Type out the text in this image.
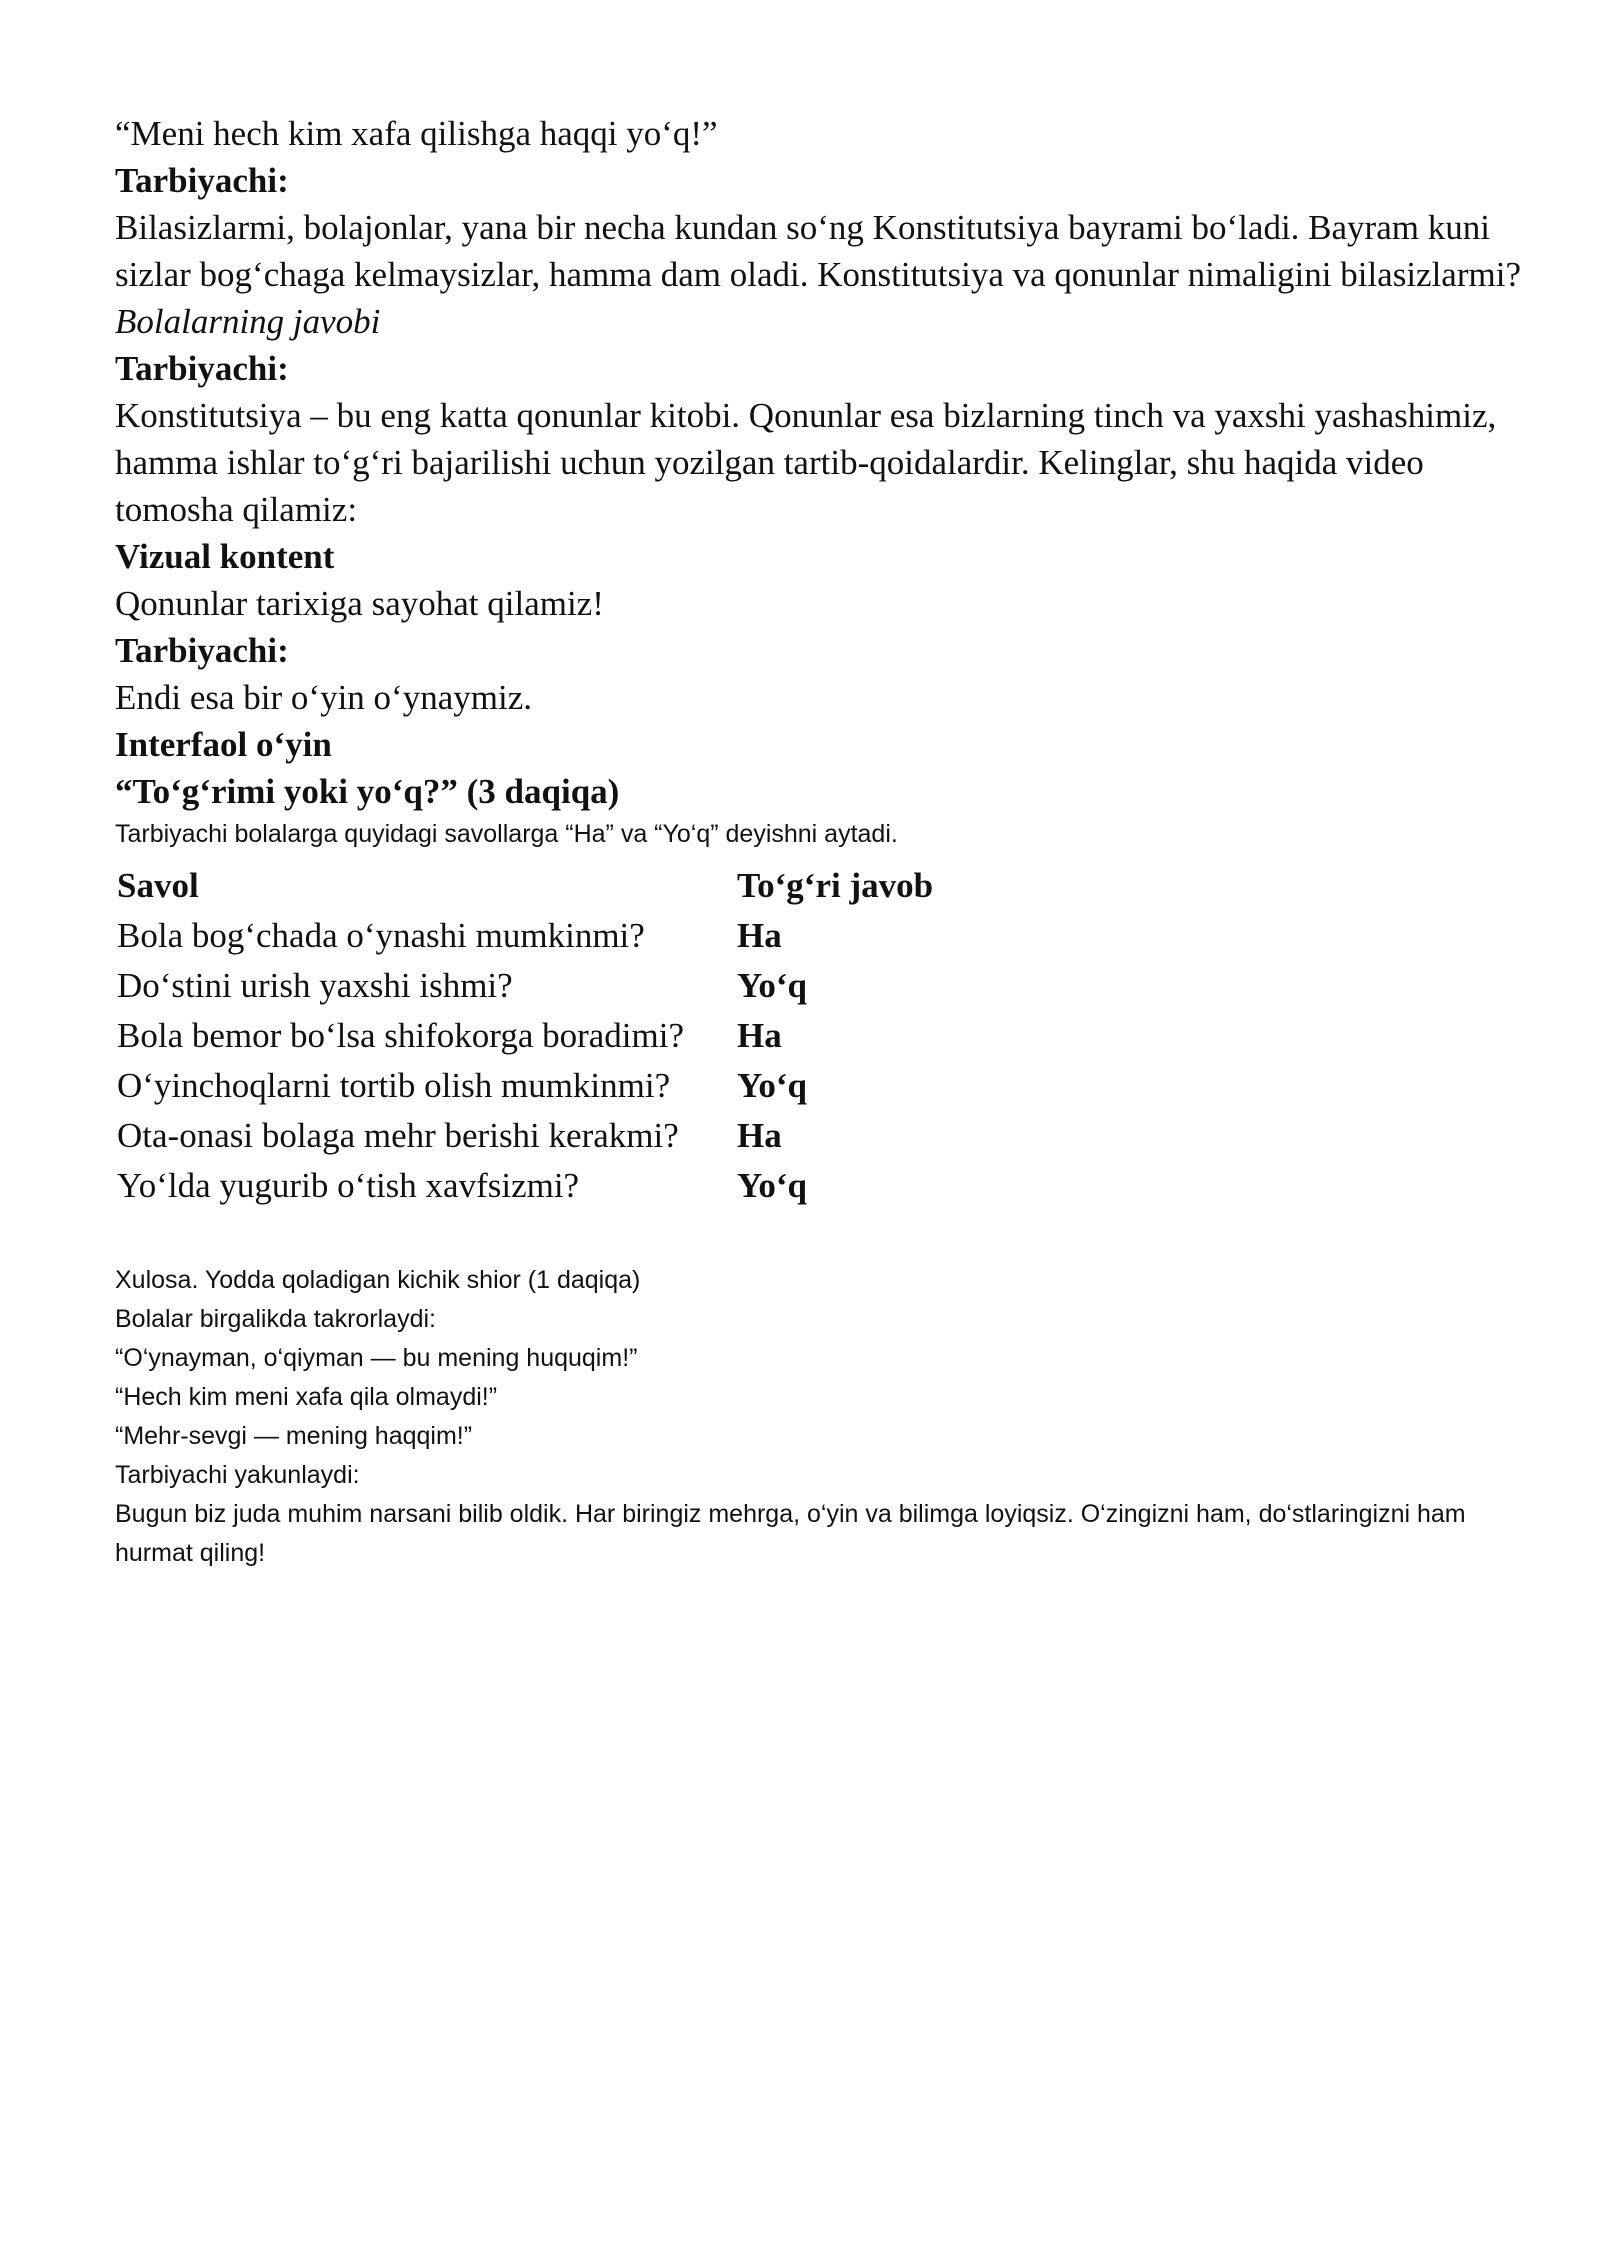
“Meni hech kim xafa qilishga haqqi yo‘q!”

Tarbiyachi:

Bilasizlarmi, bolajonlar, yana bir necha kundan so‘ng Konstitutsiya bayrami bo‘ladi. Bayram kuni sizlar bog‘chaga kelmaysizlar, hamma dam oladi. Konstitutsiya va qonunlar nimaligini bilasizlarmi?

Bolalarning javobi

Tarbiyachi:

Konstitutsiya – bu eng katta qonunlar kitobi. Qonunlar esa bizlarning tinch va yaxshi yashashimiz, hamma ishlar to‘g‘ri bajarilishi uchun yozilgan tartib-qoidalardir. Kelinglar, shu haqida video tomosha qilamiz:

Vizual kontent

Qonunlar tarixiga sayohat qilamiz!

Tarbiyachi:

Endi esa bir o‘yin o‘ynaymiz.

Interfaol o‘yin

“To‘g‘rimi yoki yo‘q?” (3 daqiqa)

Tarbiyachi bolalarga quyidagi savollarga “Ha” va “Yo‘q” deyishni aytadi.

Savol	To‘g‘ri javob
Bola bog‘chada o‘ynashi mumkinmi?	Ha
Do‘stini urish yaxshi ishmi?	Yo‘q
Bola bemor bo‘lsa shifokorga boradimi?	Ha
O‘yinchoqlarni tortib olish mumkinmi?	Yo‘q
Ota-onasi bolaga mehr berishi kerakmi?	Ha
Yo‘lda yugurib o‘tish xavfsizmi?	Yo‘q

Xulosa. Yodda qoladigan kichik shior (1 daqiqa)

Bolalar birgalikda takrorlaydi:

“O‘ynayman, o‘qiyman — bu mening huquqim!”

“Hech kim meni xafa qila olmaydi!”

“Mehr-sevgi — mening haqqim!”

Tarbiyachi yakunlaydi:

Bugun biz juda muhim narsani bilib oldik. Har biringiz mehrga, o‘yin va bilimga loyiqsiz. O‘zingizni ham, do‘stlaringizni ham hurmat qiling!
